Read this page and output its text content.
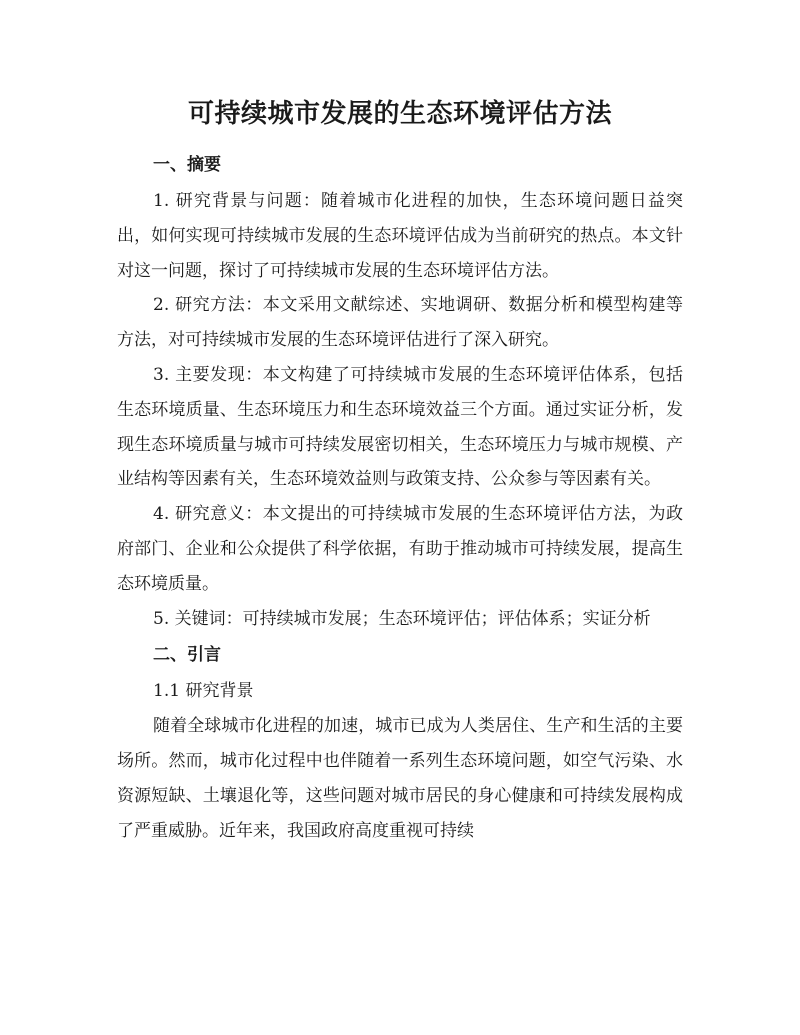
可持续城市发展的生态环境评估方法
一、摘要

1. 研究背景与问题：随着城市化进程的加快，生态环境问题日益突出，如何实现可持续城市发展的生态环境评估成为当前研究的热点。本文针对这一问题，探讨了可持续城市发展的生态环境评估方法。

2. 研究方法：本文采用文献综述、实地调研、数据分析和模型构建等方法，对可持续城市发展的生态环境评估进行了深入研究。

3. 主要发现：本文构建了可持续城市发展的生态环境评估体系，包括生态环境质量、生态环境压力和生态环境效益三个方面。通过实证分析，发现生态环境质量与城市可持续发展密切相关，生态环境压力与城市规模、产业结构等因素有关，生态环境效益则与政策支持、公众参与等因素有关。

4. 研究意义：本文提出的可持续城市发展的生态环境评估方法，为政府部门、企业和公众提供了科学依据，有助于推动城市可持续发展，提高生态环境质量。

5. 关键词：可持续城市发展；生态环境评估；评估体系；实证分析

二、引言

1.1 研究背景

随着全球城市化进程的加速，城市已成为人类居住、生产和生活的主要场所。然而，城市化过程中也伴随着一系列生态环境问题，如空气污染、水资源短缺、土壤退化等，这些问题对城市居民的身心健康和可持续发展构成了严重威胁。近年来，我国政府高度重视可持续
